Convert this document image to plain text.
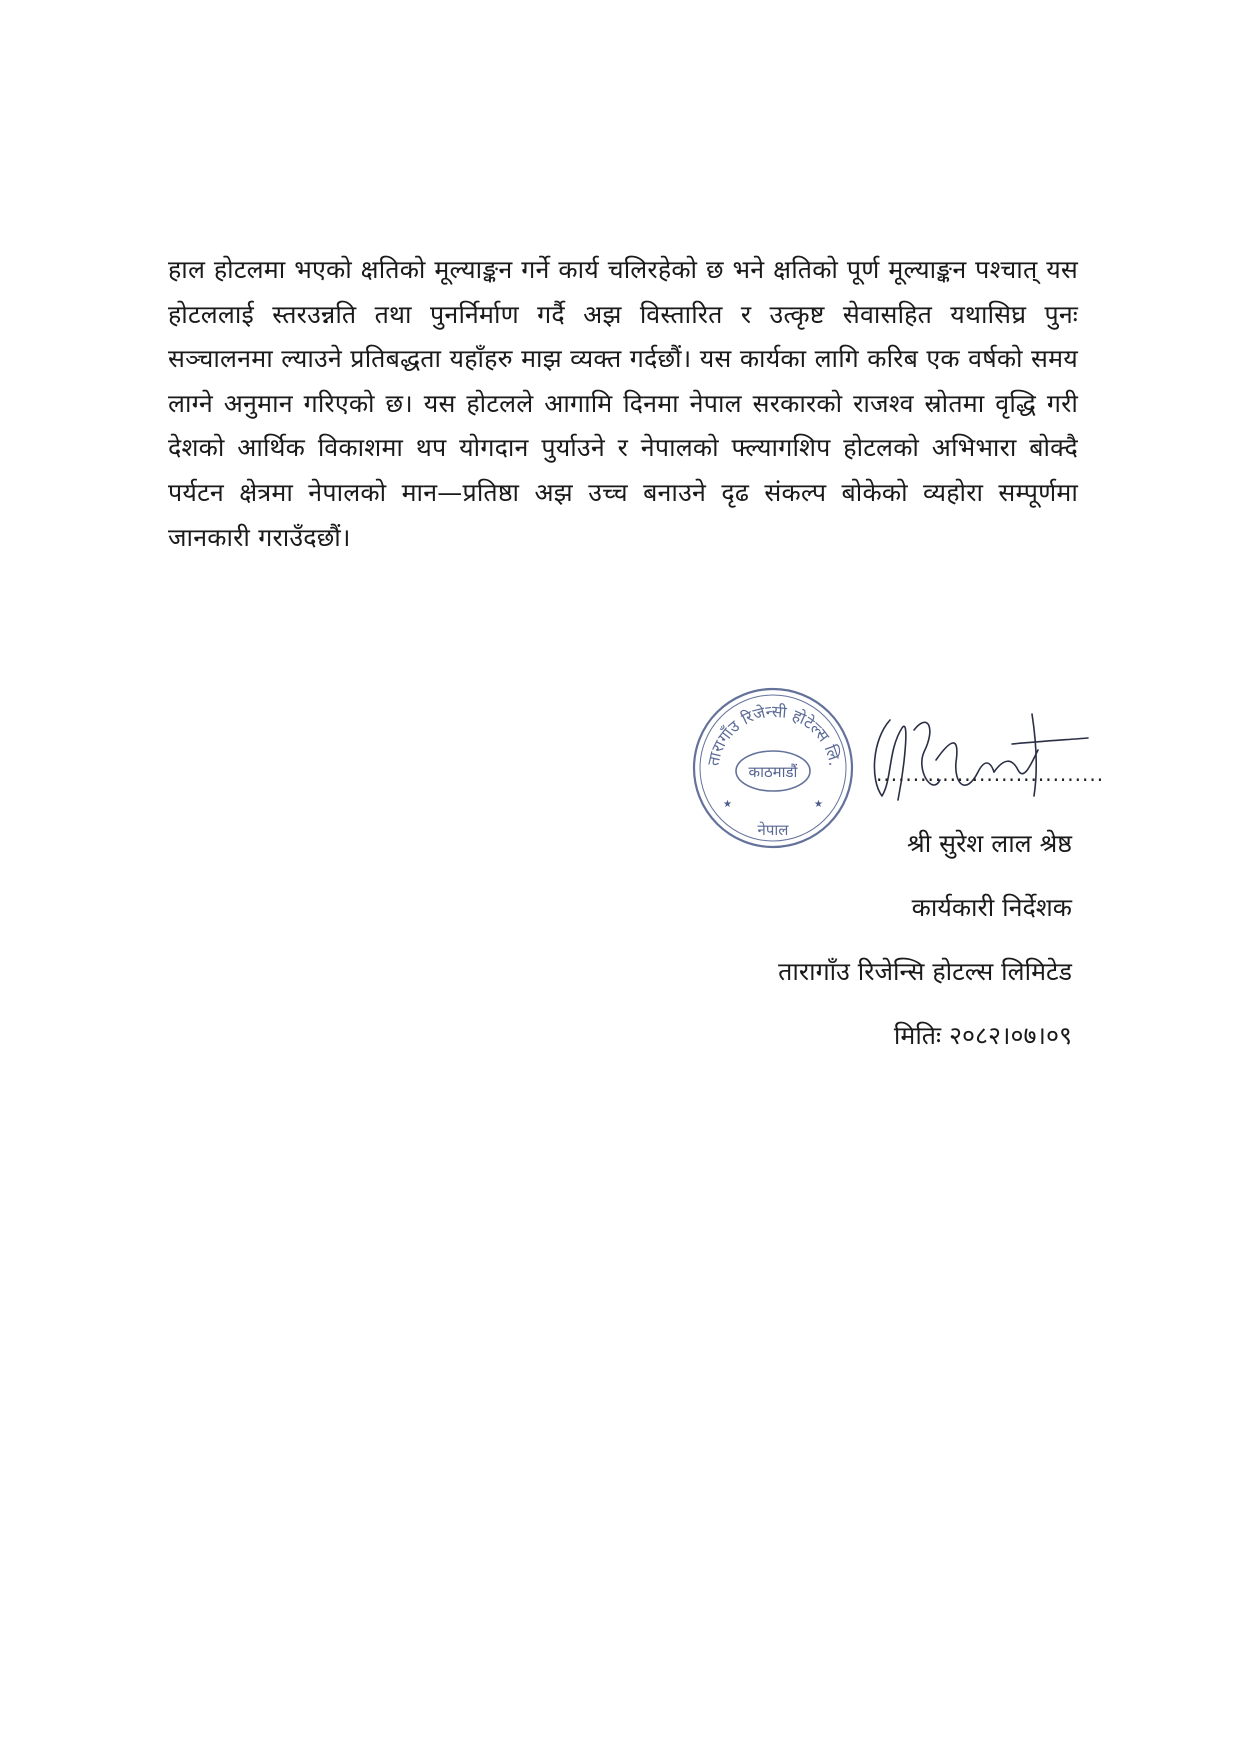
हाल होटलमा भएको क्षतिको मूल्याङ्कन गर्ने कार्य चलिरहेको छ भने क्षतिको पूर्ण मूल्याङ्कन पश्चात् यस होटललाई स्तरउन्नति तथा पुनर्निर्माण गर्दै अझ विस्तारित र उत्कृष्ट सेवासहित यथासिघ्र पुनः सञ्चालनमा ल्याउने प्रतिबद्धता यहाँहरु माझ व्यक्त गर्दछौं। यस कार्यका लागि करिब एक वर्षको समय लाग्ने अनुमान गरिएको छ। यस होटलले आगामि दिनमा नेपाल सरकारको राजश्व स्रोतमा वृद्धि गरी देशको आर्थिक विकाशमा थप योगदान पुर्याउने र नेपालको फ्ल्यागशिप होटलको अभिभारा बोक्दै पर्यटन क्षेत्रमा नेपालको मान—प्रतिष्ठा अझ उच्च बनाउने दृढ संकल्प बोकेको व्यहोरा सम्पूर्णमा जानकारी गराउँदछौं।

तारागाँउ रिजेन्सी होटेल्स लि.
काठमाडौं
नेपाल
★	★
...............................
श्री सुरेश लाल श्रेष्ठ
कार्यकारी निर्देशक
तारागाँउ रिजेन्सि होटल्स लिमिटेड
मितिः २०८२।०७।०९
